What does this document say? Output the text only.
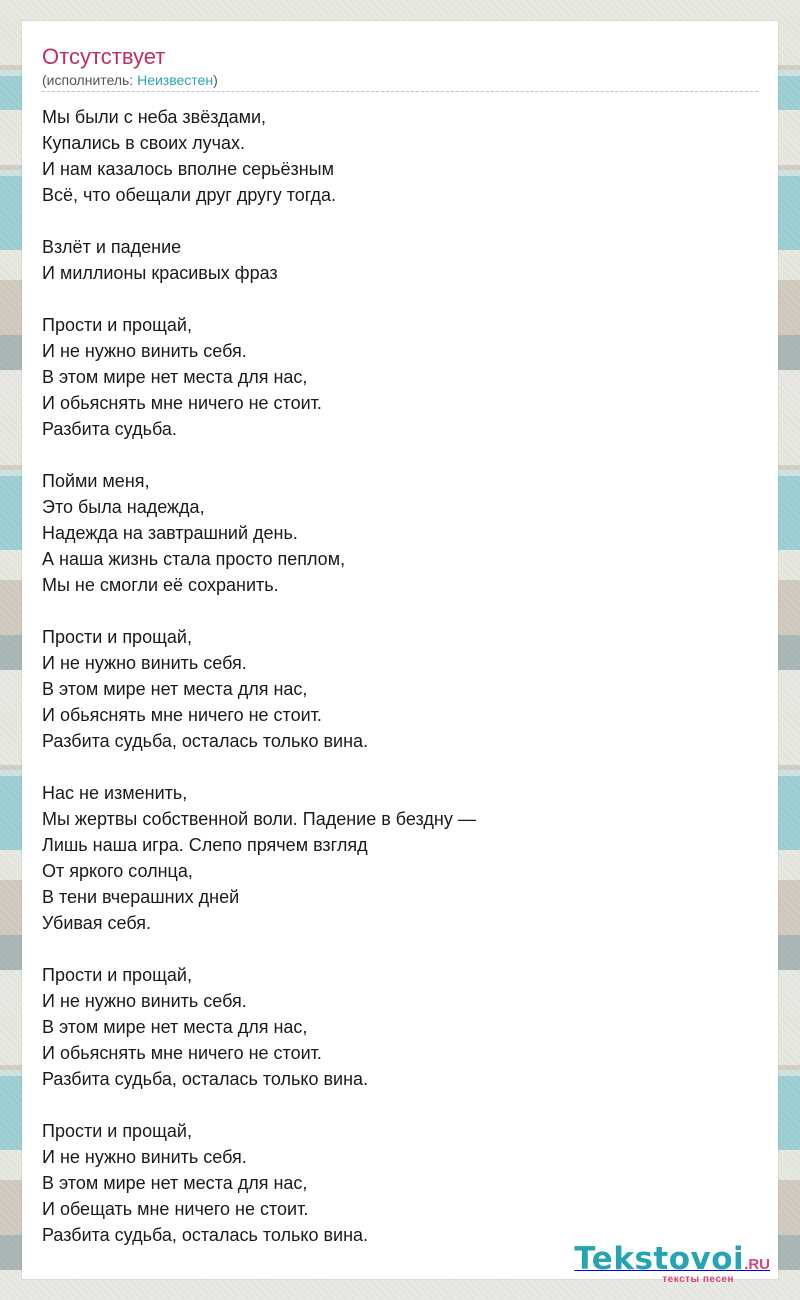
Отсутствует
(исполнитель: Неизвестен)
Мы были с неба звёздами,
Купались в своих лучах.
И нам казалось вполне серьёзным
Всё, что обещали друг другу тогда.
Взлёт и падение
И миллионы красивых фраз
Прости и прощай,
И не нужно винить себя.
В этом мире нет места для нас,
И обьяснять мне ничего не стоит.
Разбита судьба.
Пойми меня,
Это была надежда,
Надежда на завтрашний день.
А наша жизнь стала просто пеплом,
Мы не смогли её сохранить.
Прости и прощай,
И не нужно винить себя.
В этом мире нет места для нас,
И обьяснять мне ничего не стоит.
Разбита судьба, осталась только вина.
Нас не изменить,
Мы жертвы собственной воли. Падение в бездну —
Лишь наша игра. Слепо прячем взгляд
От яркого солнца,
В тени вчерашних дней
Убивая себя.
Прости и прощай,
И не нужно винить себя.
В этом мире нет места для нас,
И обьяснять мне ничего не стоит.
Разбита судьба, осталась только вина.
Прости и прощай,
И не нужно винить себя.
В этом мире нет места для нас,
И обещать мне ничего не стоит.
Разбита судьба, осталась только вина.
Tekstovoi.RU
тексты песен
